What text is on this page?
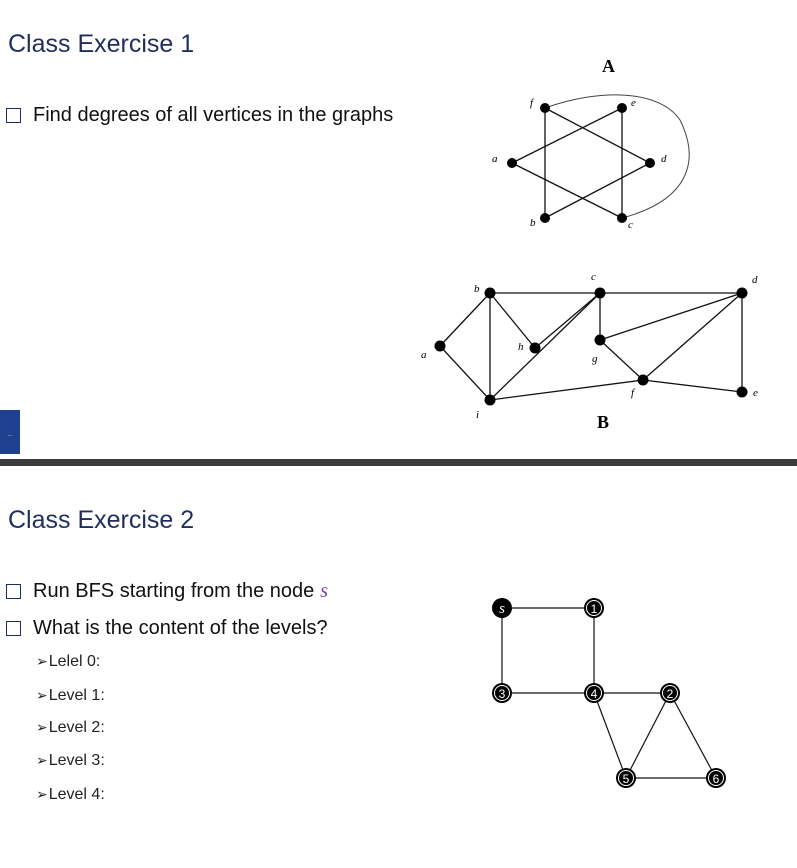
Class Exercise 1
Find degrees of all vertices in the graphs
...
f	e
a	d
b	c
A
b
c	d
a
h
g
f	e
i	B
Class Exercise 2
Run BFS starting from the node s
What is the content of the levels?
➢Lelel 0:
➢Level 1:
➢Level 2:
➢Level 3:
➢Level 4:
s	1
3	4	2
5	6
